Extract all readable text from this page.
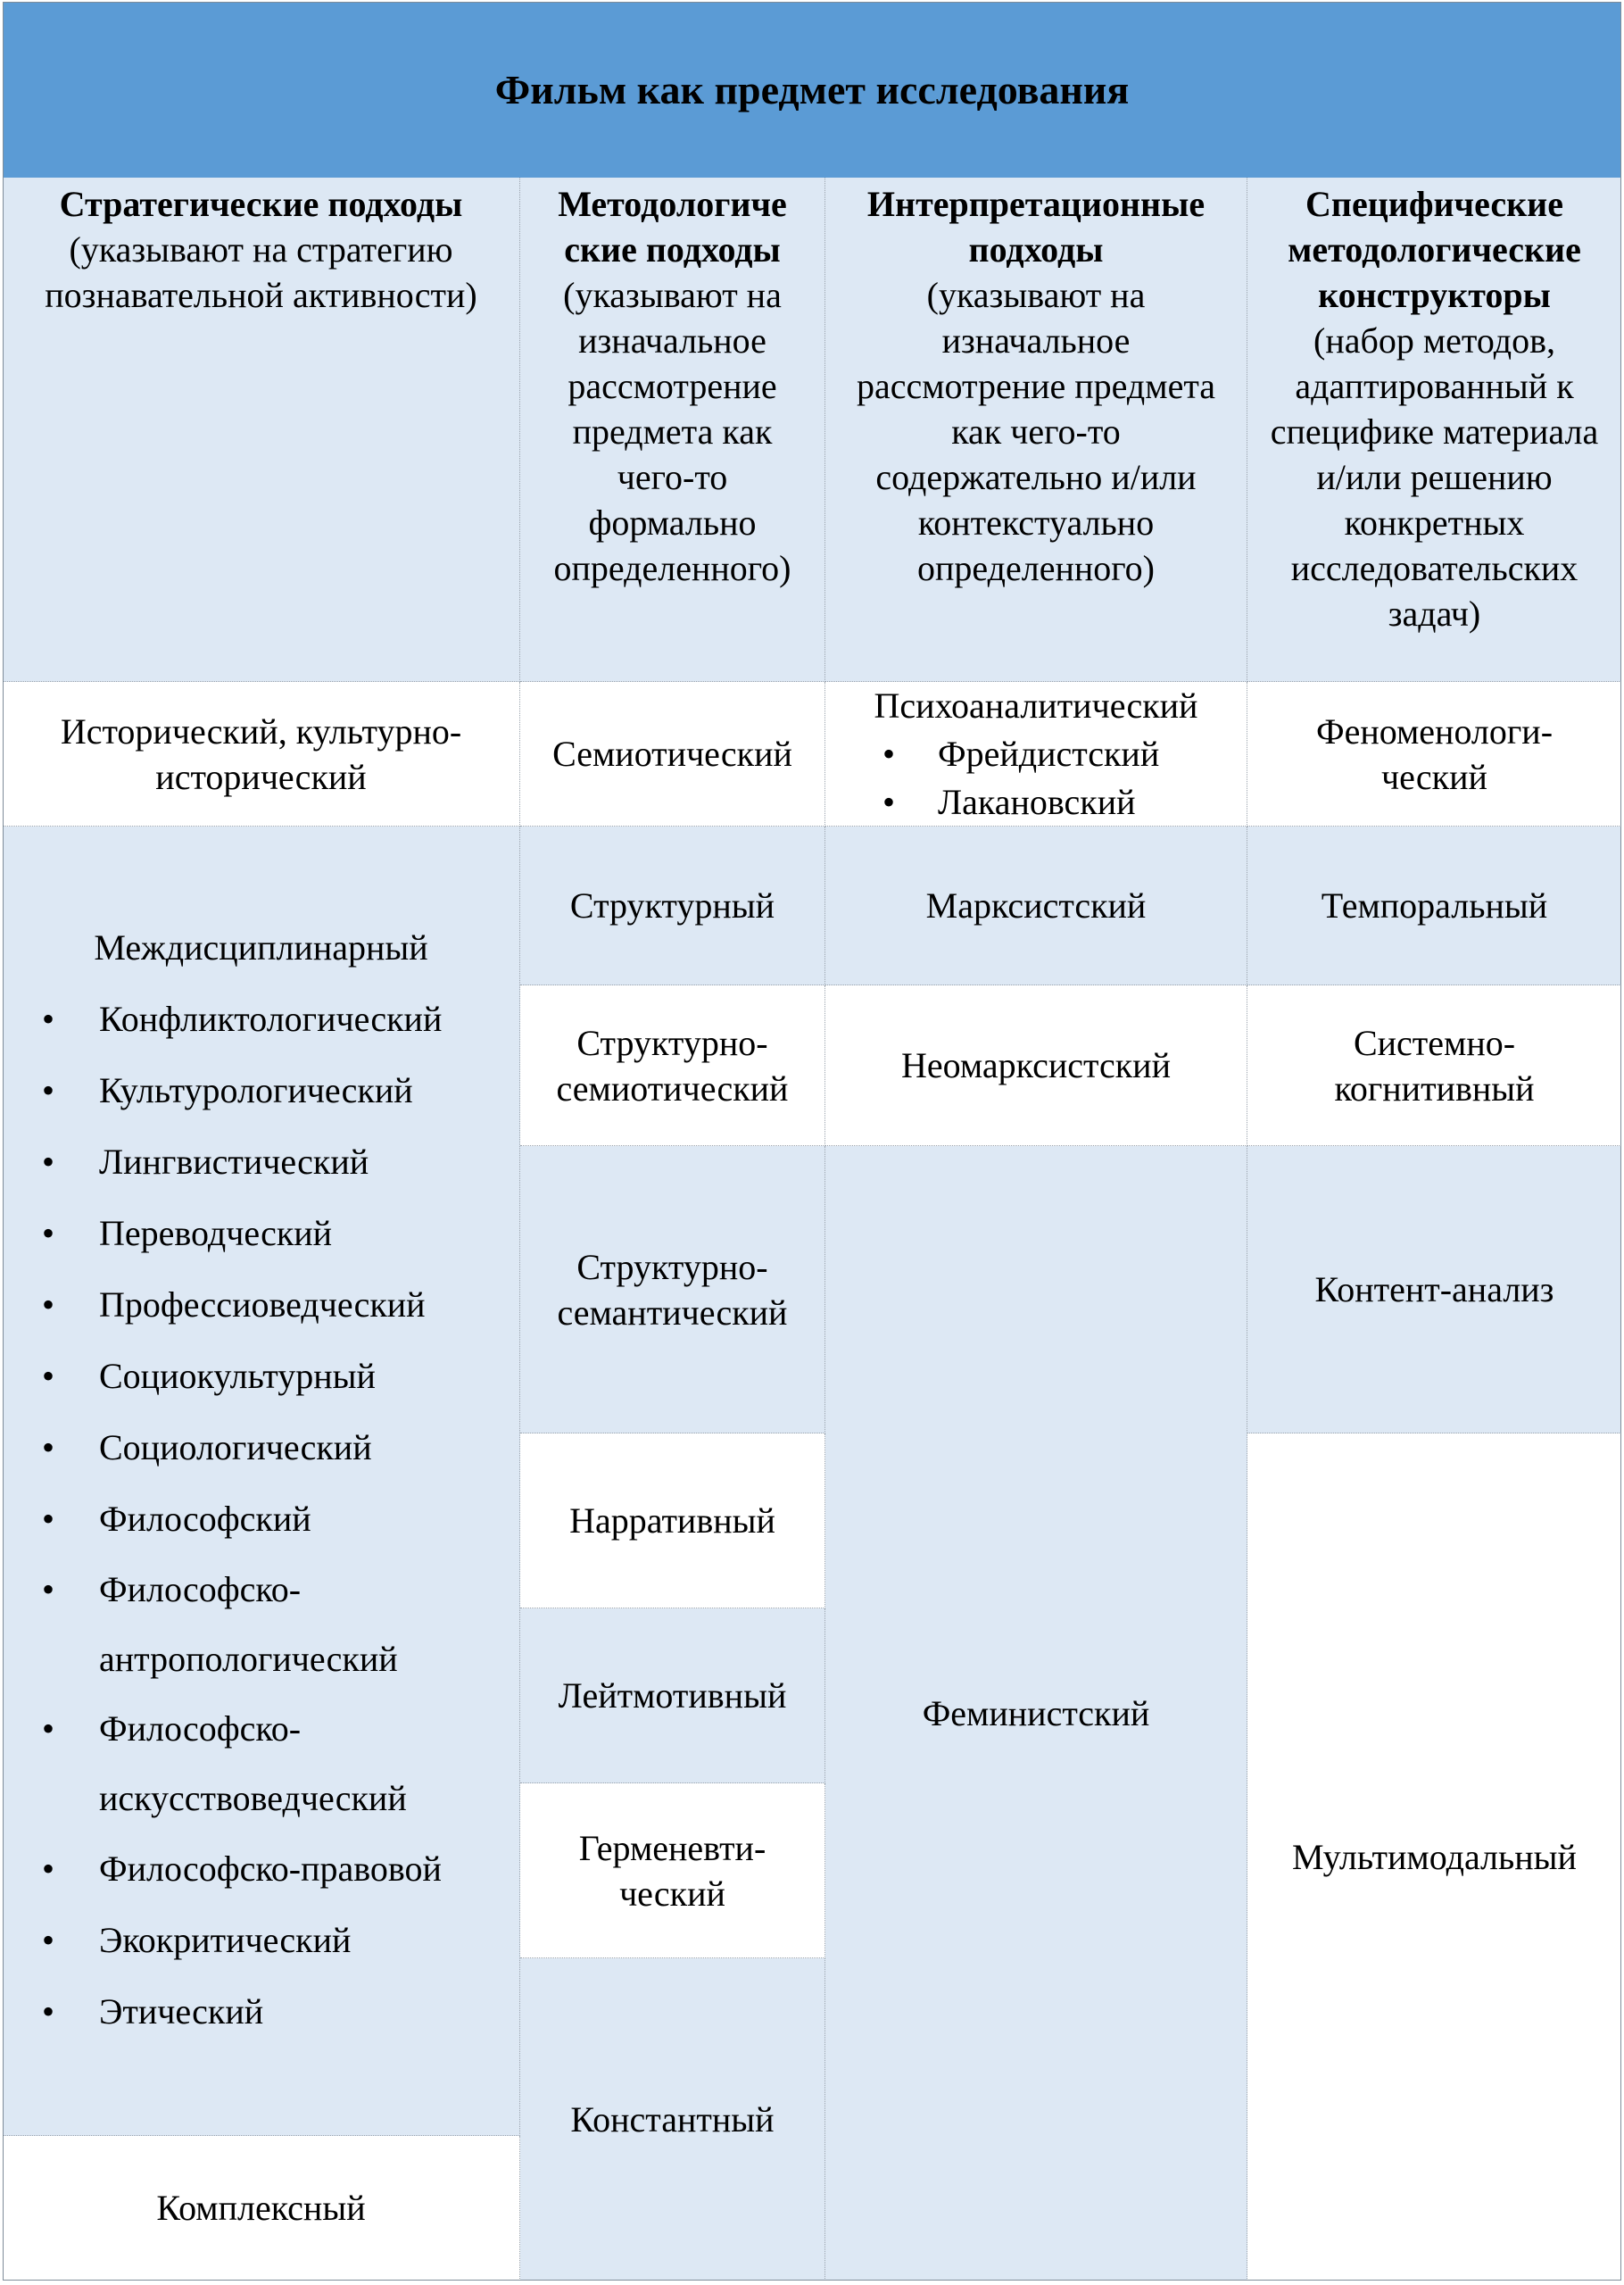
Фильм как предмет исследования
Стратегические подходы
(указывают на стратегию познавательной активности)
Методологиче
ские подходы
(указывают на изначальное рассмотрение предмета как чего-то формально определенного)
Интерпретационные подходы
(указывают на изначальное рассмотрение предмета как чего-то содержательно и/или контекстуально определенного)
Специфические методологические конструкторы
(набор методов, адаптированный к специфике материала и/или решению конкретных исследовательских задач)
Исторический, культурно-исторический
Семиотический
Психоаналитический
• Фрейдистский
• Лакановский
Феноменологи-
ческий
Междисциплинарный
• Конфликтологический
• Культурологический
• Лингвистический
• Переводческий
• Профессиоведческий
• Социокультурный
• Социологический
• Философский
• Философско-антропологический
• Философско-искусствоведческий
• Философско-правовой
• Экокритический
• Этический
Комплексный
Структурный
Структурно-
семиотический
Структурно-
семантический
Нарративный
Лейтмотивный
Герменевти-
ческий
Константный
Марксистский
Неомарксистский
Феминистский
Темпоральный
Системно-
когнитивный
Контент-анализ
Мультимодальный
